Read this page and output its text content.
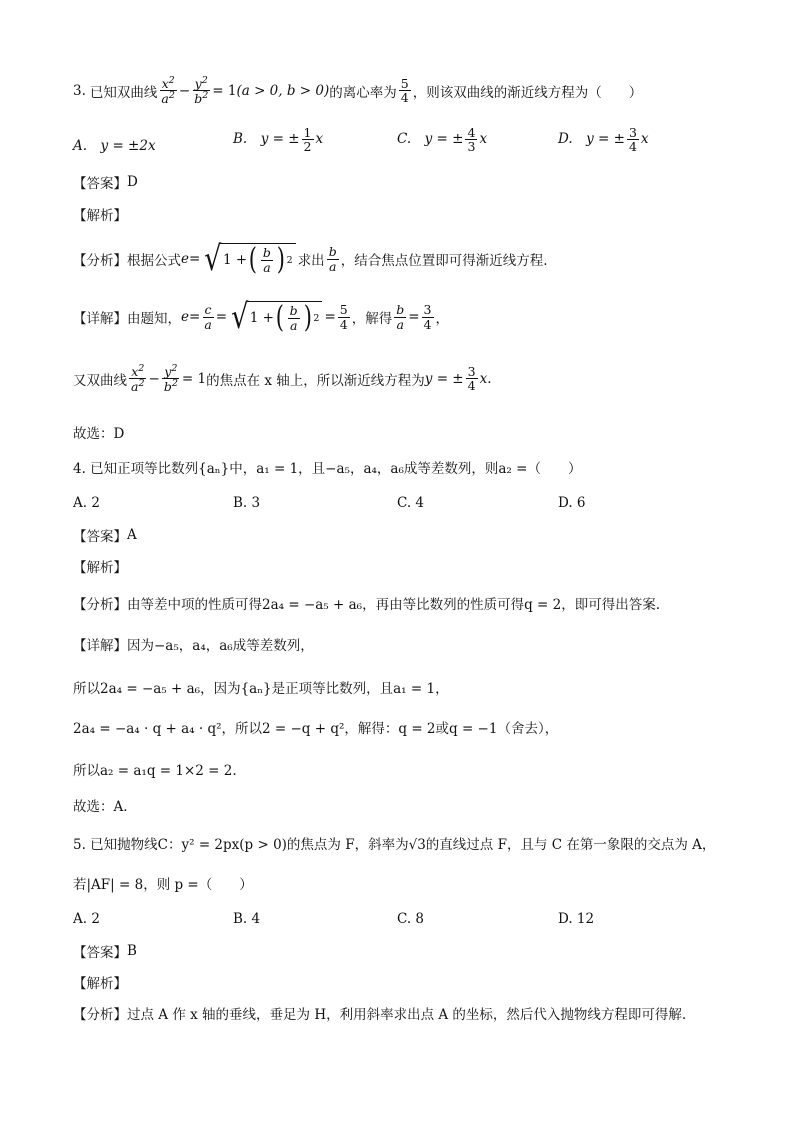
3. 已知双曲线 $\frac{x^2}{a^2} - \frac{y^2}{b^2} = 1$ (a > 0, b > 0) 的离心率为 $\frac{5}{4}$ ，则该双曲线的渐近线方程为（　　）
A.　y = ±2x	B.　y = ± $\frac{1}{2}$ x	C.　y = ± $\frac{4}{3}$ x	D.　y = ± $\frac{3}{4}$ x
【答案】 D
【解析】
【分析】 根据公式 e = √ 1 + ( $\frac{b}{a}$ ) 2 求出 $\frac{b}{a}$ ，结合焦点位置即可得渐近线方程.
【详解】 由题知， $e = \frac{c}{a}$ = √ 1 + ( $\frac{b}{a}$ ) $2 = \frac{5}{4}$ ，解得 $\frac{b}{a} = \frac{3}{4}$ ，
又双曲线 $\frac{x^2}{a^2} - \frac{y^2}{b^2} = 1$ 的焦点在 x 轴上，所以渐近线方程为 y = ± $\frac{3}{4} x$.
故选：D
4. 已知正项等比数列{aₙ}中，a₁ = 1，且−a₅，a₄，a₆成等差数列，则a₂ =（　　）
A. 2	B. 3	C. 4	D. 6
【答案】 A
【解析】
【分析】 由等差中项的性质可得2a₄ = −a₅ + a₆，再由等比数列的性质可得q = 2，即可得出答案.
【详解】 因为−a₅，a₄，a₆成等差数列，
所以2a₄ = −a₅ + a₆，因为{aₙ}是正项等比数列，且a₁ = 1，
2a₄ = −a₄ · q + a₄ · q²，所以2 = −q + q²，解得：q = 2或q = −1（舍去），
所以a₂ = a₁q = 1×2 = 2.
故选：A.
5. 已知抛物线C：y² = 2px(p > 0)的焦点为 F，斜率为√3的直线过点 F，且与 C 在第一象限的交点为 A，
若|AF| = 8，则 p =（　　）
A. 2	B. 4	C. 8	D. 12
【答案】 B
【解析】
【分析】 过点 A 作 x 轴的垂线，垂足为 H，利用斜率求出点 A 的坐标，然后代入抛物线方程即可得解.
